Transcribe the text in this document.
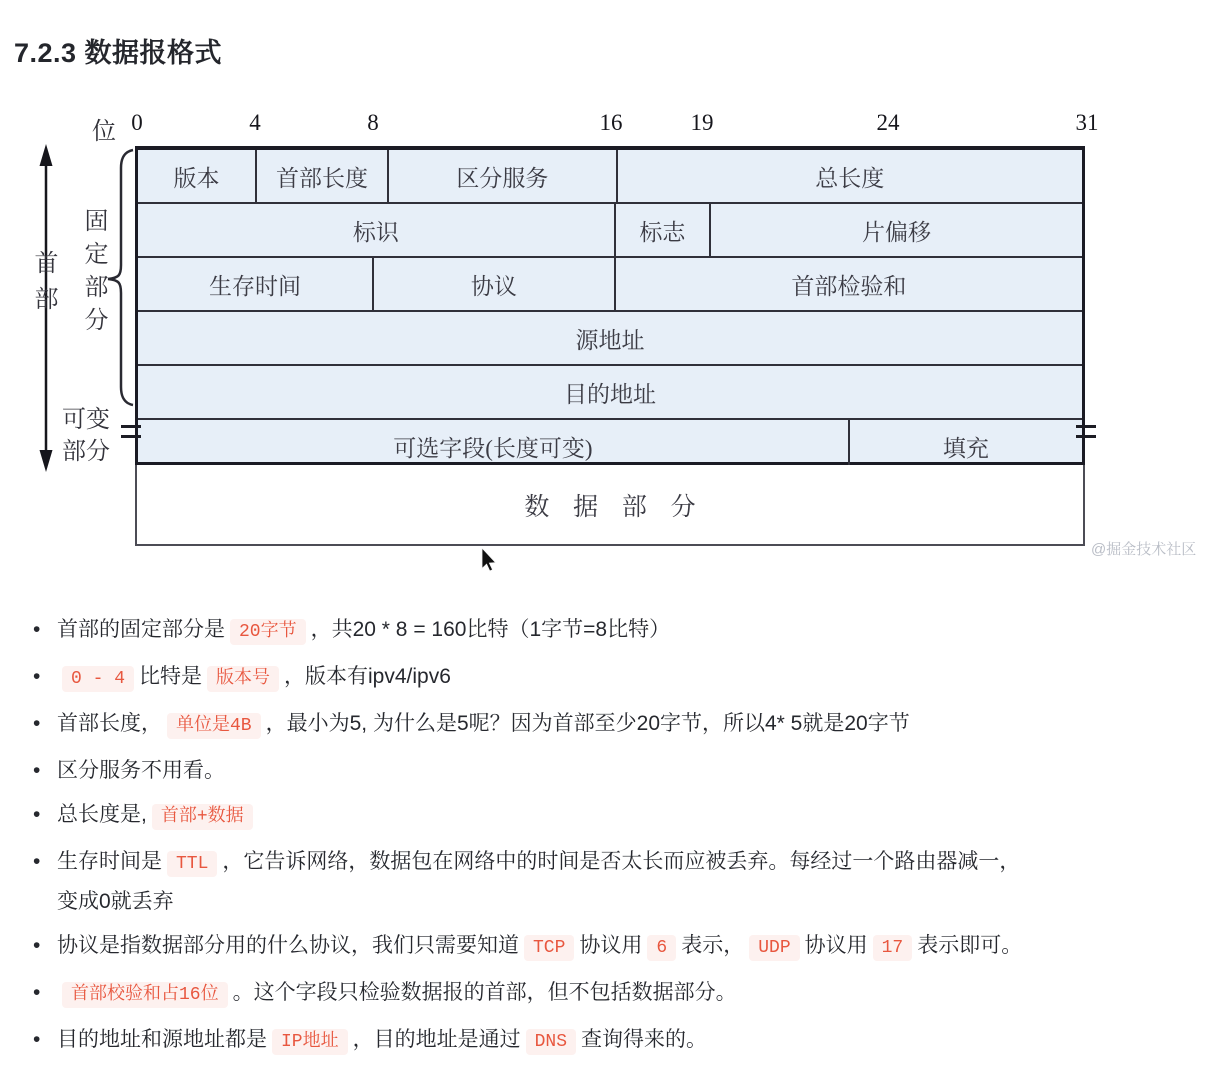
7.2.3 数据报格式
位 0	4	8	16	19	24	31
首部 固定部分
可变部分
版本	首部长度	区分服务	总长度
标识	标志	片偏移
生存时间	协议	首部检验和
源地址
目的地址
可选字段(长度可变)	填充
数据部分
@掘金技术社区
• 首部的固定部分是 20字节 ，共20 * 8 = 160比特（1字节=8比特）
• 0 - 4 比特是 版本号 ，版本有ipv4/ipv6
• 首部长度， 单位是4B ，最小为5, 为什么是5呢？因为首部至少20字节，所以4* 5就是20字节
• 区分服务不用看。
• 总长度是, 首部+数据
• 生存时间是 TTL ，它告诉网络，数据包在网络中的时间是否太长而应被丢弃。每经过一个路由器减一，
变成0就丢弃
• 协议是指数据部分用的什么协议，我们只需要知道 TCP 协议用 6 表示， UDP 协议用 17 表示即可。
• 首部校验和占16位 。这个字段只检验数据报的首部，但不包括数据部分。
• 目的地址和源地址都是 IP地址 ，目的地址是通过 DNS 查询得来的。
